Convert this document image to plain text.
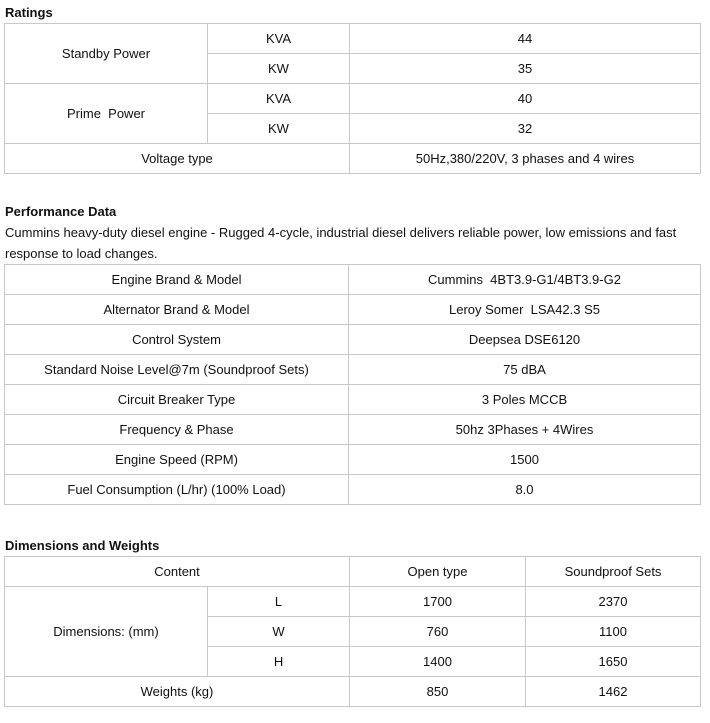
Ratings
Standby Power	KVA	44
	KW	35
Prime  Power	KVA	40
	KW	32
Voltage type		50Hz,380/220V, 3 phases and 4 wires
Performance Data
Cummins heavy-duty diesel engine - Rugged 4-cycle, industrial diesel delivers reliable power, low emissions and fast response to load changes.
Engine Brand & Model	Cummins  4BT3.9-G1/4BT3.9-G2
Alternator Brand & Model	Leroy Somer  LSA42.3 S5
Control System	Deepsea DSE6120
Standard Noise Level@7m (Soundproof Sets)	75 dBA
Circuit Breaker Type	3 Poles MCCB
Frequency & Phase	50hz 3Phases + 4Wires
Engine Speed (RPM)	1500
Fuel Consumption (L/hr) (100% Load)	8.0
Dimensions and Weights
Content		Open type	Soundproof Sets
Dimensions: (mm)	L	1700	2370
	W	760	1100
	H	1400	1650
Weights (kg)		850	1462
